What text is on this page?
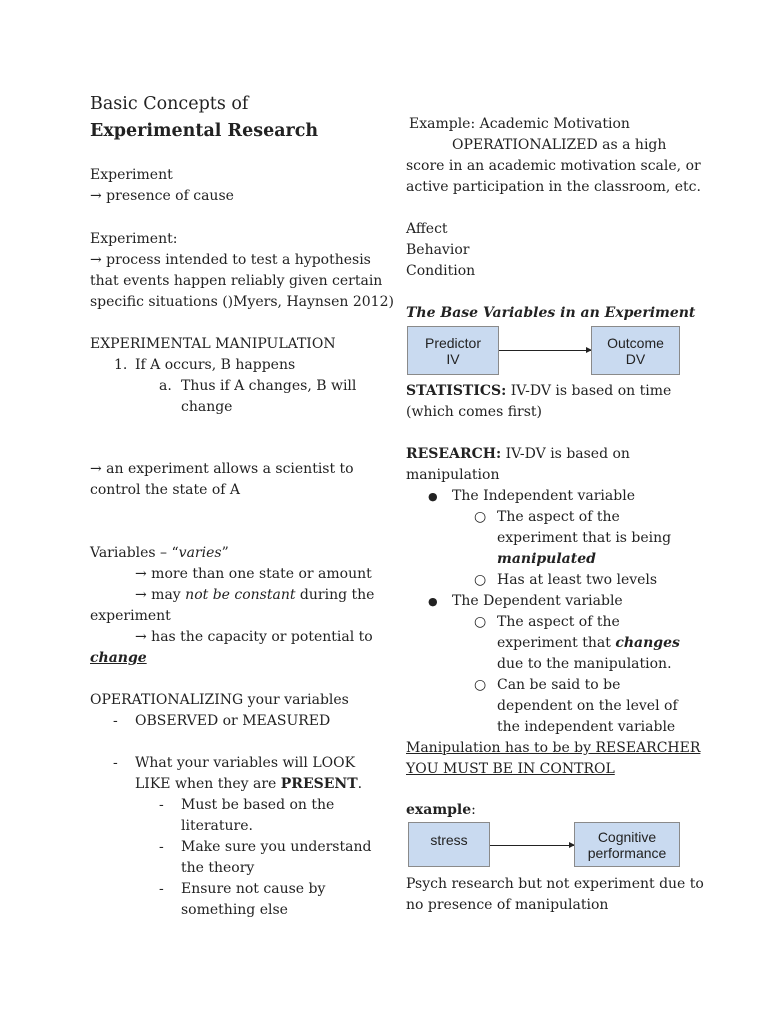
Basic Concepts of
Experimental Research
Experiment
→ presence of cause
Experiment:
→ process intended to test a hypothesis
that events happen reliably given certain
specific situations ()Myers, Haynsen 2012)
EXPERIMENTAL MANIPULATION
1. If A occurs, B happens
a. Thus if A changes, B will
change
→ an experiment allows a scientist to
control the state of A
Variables – “varies”
→ more than one state or amount
→ may not be constant during the
experiment
→ has the capacity or potential to
change
OPERATIONALIZING your variables
- OBSERVED or MEASURED
- What your variables will LOOK
LIKE when they are PRESENT.
- Must be based on the
literature.
- Make sure you understand
the theory
- Ensure not cause by
something else
Example: Academic Motivation
OPERATIONALIZED as a high
score in an academic motivation scale, or
active participation in the classroom, etc.
Affect
Behavior
Condition
The Base Variables in an Experiment
Predictor
IV
Outcome
DV
STATISTICS: IV-DV is based on time
(which comes first)
RESEARCH: IV-DV is based on
manipulation
● The Independent variable
○ The aspect of the
experiment that is being
manipulated
○ Has at least two levels
● The Dependent variable
○ The aspect of the
experiment that changes
due to the manipulation.
○ Can be said to be
dependent on the level of
the independent variable
Manipulation has to be by RESEARCHER
YOU MUST BE IN CONTROL
example:
stress	Cognitive
performance
Psych research but not experiment due to
no presence of manipulation
